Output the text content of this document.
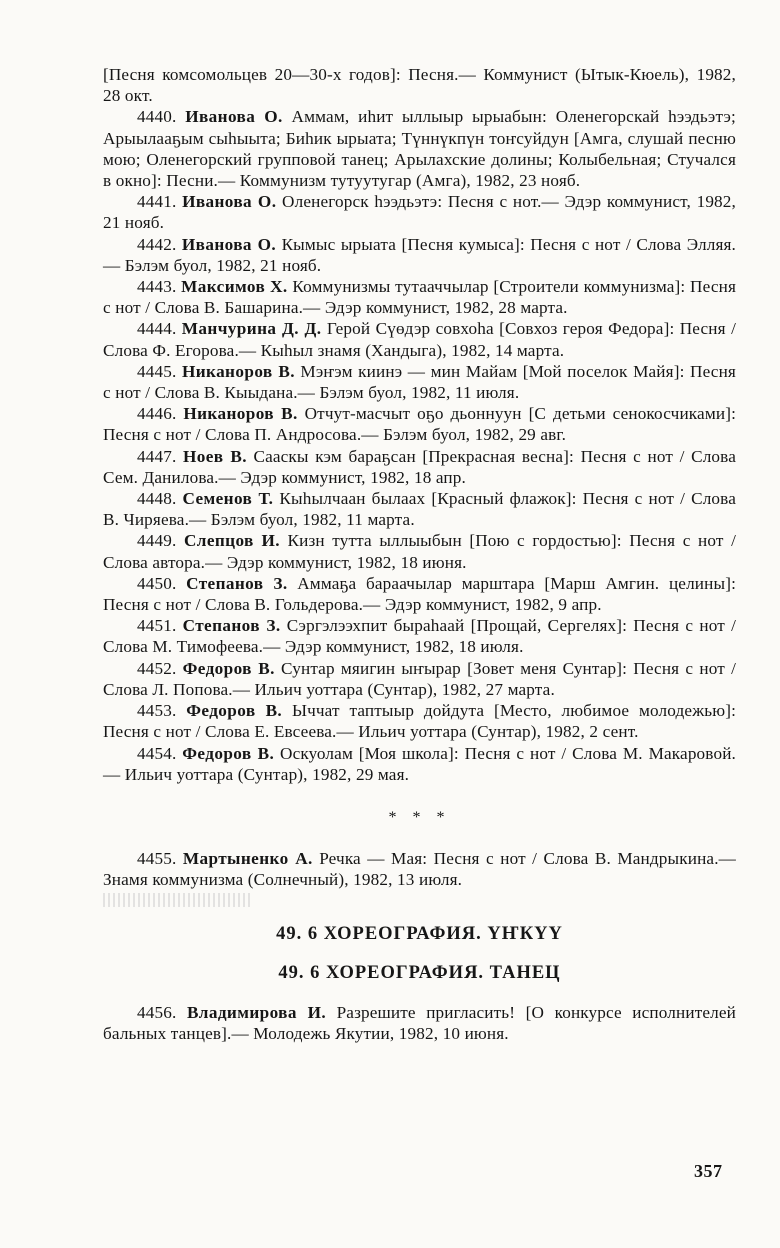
[Песня комсомольцев 20—30-х годов]: Песня.— Коммунист (Ытык-Кюель), 1982, 28 окт.

4440. Иванова О. Аммам, иһит ыллыыр ырыабын: Оленегорскай һээдьэтэ; Арыылааҕым сыһыыта; Биһик ырыата; Түннүкпүн тоҥсуйдун [Амга, слушай песню мою; Оленегорский групповой танец; Арылахские долины; Колыбельная; Стучался в окно]: Песни.— Коммунизм тутуутугар (Амга), 1982, 23 нояб.

4441. Иванова О. Оленегорск һээдьэтэ: Песня с нот.— Эдэр коммунист, 1982, 21 нояб.

4442. Иванова О. Кымыс ырыата [Песня кумыса]: Песня с нот / Слова Элляя.— Бэлэм буол, 1982, 21 нояб.

4443. Максимов Х. Коммунизмы тутааччылар [Строители коммунизма]: Песня с нот / Слова В. Башарина.— Эдэр коммунист, 1982, 28 марта.

4444. Манчурина Д. Д. Герой Сүөдэр совхоһа [Совхоз героя Федора]: Песня / Слова Ф. Егорова.— Кыһыл знамя (Хандыга), 1982, 14 марта.

4445. Никаноров В. Мэҥэм киинэ — мин Майам [Мой поселок Майя]: Песня с нот / Слова В. Кыыдана.— Бэлэм буол, 1982, 11 июля.

4446. Никаноров В. Отчут-масчыт оҕо дьоннуун [С детьми сенокосчиками]: Песня с нот / Слова П. Андросова.— Бэлэм буол, 1982, 29 авг.

4447. Ноев В. Сааскы кэм бараҕсан [Прекрасная весна]: Песня с нот / Слова Сем. Данилова.— Эдэр коммунист, 1982, 18 апр.

4448. Семенов Т. Кыһылчаан былаах [Красный флажок]: Песня с нот / Слова В. Чиряева.— Бэлэм буол, 1982, 11 марта.

4449. Слепцов И. Кизн тутта ыллыыбын [Пою с гордостью]: Песня с нот /Слова автора.— Эдэр коммунист, 1982, 18 июня.

4450. Степанов З. Аммаҕа бараачылар марштара [Марш Амгин. целины]: Песня с нот / Слова В. Гольдерова.— Эдэр коммунист, 1982, 9 апр.

4451. Степанов З. Сэргэлээхпит быраһаай [Прощай, Сергелях]: Песня с нот / Слова М. Тимофеева.— Эдэр коммунист, 1982, 18 июля.

4452. Федоров В. Сунтар мяигин ыҥырар [Зовет меня Сунтар]: Песня с нот / Слова Л. Попова.— Ильич уоттара (Сунтар), 1982, 27 марта.

4453. Федоров В. Ыччат таптыыр дойдута [Место, любимое молодежью]: Песня с нот / Слова Е. Евсеева.— Ильич уоттара (Сунтар), 1982, 2 сент.

4454. Федоров В. Оскуолам [Моя школа]: Песня с нот / Слова М. Макаровой.— Ильич уоттара (Сунтар), 1982, 29 мая.

* * *

4455. Мартыненко А. Речка — Мая: Песня с нот / Слова В. Мандрыкина.— Знамя коммунизма (Солнечный), 1982, 13 июля.

49. 6 ХОРЕОГРАФИЯ. ҮҤКҮҮ
49. 6 ХОРЕОГРАФИЯ. ТАНЕЦ

4456. Владимирова И. Разрешите пригласить! [О конкурсе исполнителей бальных танцев].— Молодежь Якутии, 1982, 10 июня.

357
